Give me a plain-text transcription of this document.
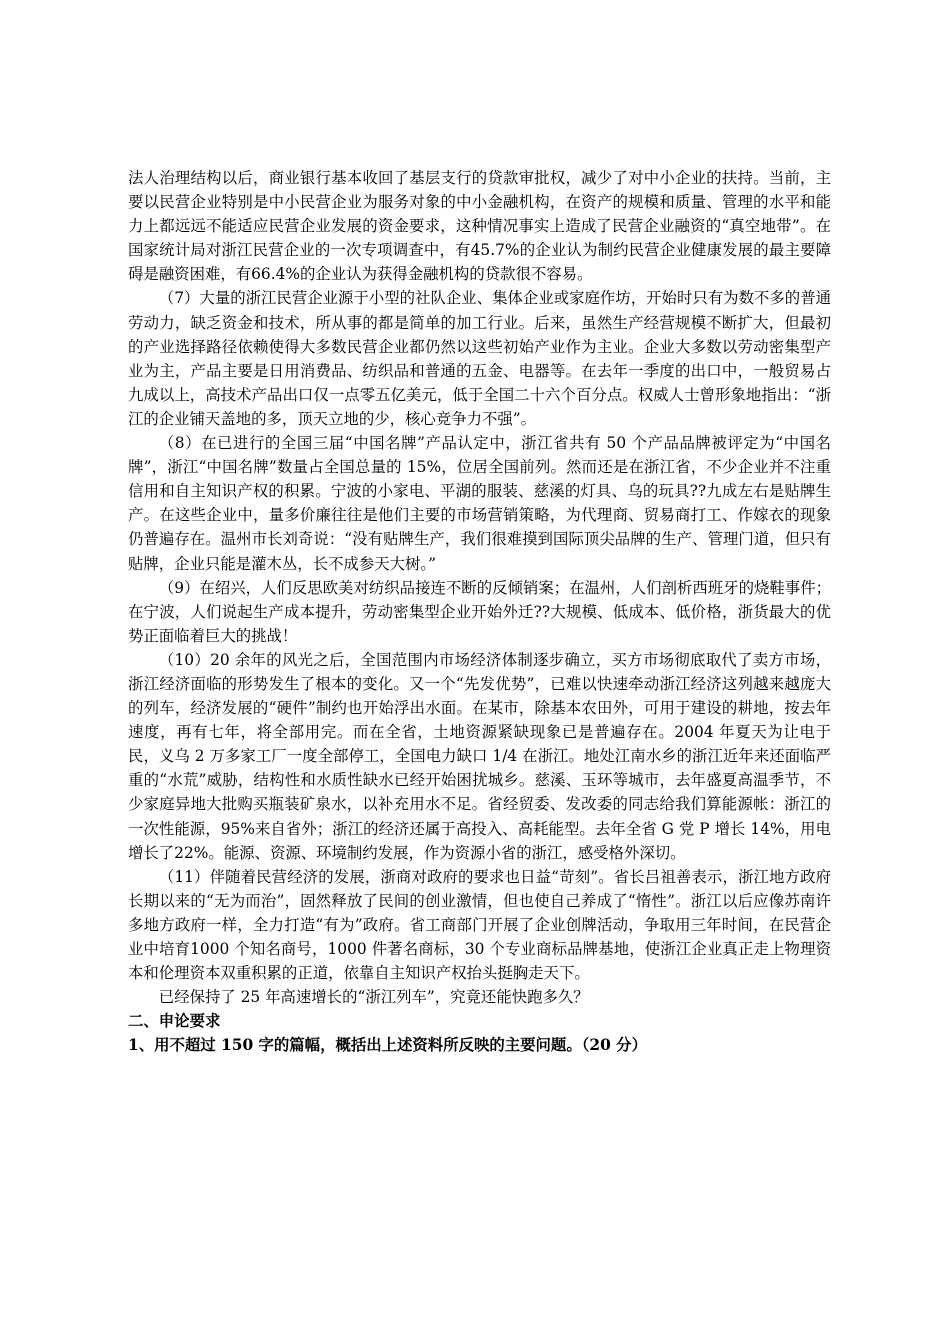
法人治理结构以后，商业银行基本收回了基层支行的贷款审批权，减少了对中小企业的扶持。当前，主要以民营企业特别是中小民营企业为服务对象的中小金融机构，在资产的规模和质量、管理的水平和能力上都远远不能适应民营企业发展的资金要求，这种情况事实上造成了民营企业融资的“真空地带”。在国家统计局对浙江民营企业的一次专项调查中，有45.7%的企业认为制约民营企业健康发展的最主要障碍是融资困难，有66.4%的企业认为获得金融机构的贷款很不容易。

（7）大量的浙江民营企业源于小型的社队企业、集体企业或家庭作坊，开始时只有为数不多的普通劳动力，缺乏资金和技术，所从事的都是简单的加工行业。后来，虽然生产经营规模不断扩大，但最初的产业选择路径依赖使得大多数民营企业都仍然以这些初始产业作为主业。企业大多数以劳动密集型产业为主，产品主要是日用消费品、纺织品和普通的五金、电器等。在去年一季度的出口中，一般贸易占九成以上，高技术产品出口仅一点零五亿美元，低于全国二十六个百分点。权威人士曾形象地指出：“浙江的企业铺天盖地的多，顶天立地的少，核心竞争力不强”。

（8）在已进行的全国三届“中国名牌”产品认定中，浙江省共有 50 个产品品牌被评定为“中国名牌”，浙江“中国名牌”数量占全国总量的 15%，位居全国前列。然而还是在浙江省，不少企业并不注重信用和自主知识产权的积累。宁波的小家电、平湖的服装、慈溪的灯具、乌的玩具??九成左右是贴牌生产。在这些企业中，量多价廉往往是他们主要的市场营销策略，为代理商、贸易商打工、作嫁衣的现象仍普遍存在。温州市长刘奇说：“没有贴牌生产，我们很难摸到国际顶尖品牌的生产、管理门道，但只有贴牌，企业只能是灌木丛，长不成参天大树。”

（9）在绍兴，人们反思欧美对纺织品接连不断的反倾销案；在温州，人们剖析西班牙的烧鞋事件；在宁波，人们说起生产成本提升，劳动密集型企业开始外迁??大规模、低成本、低价格，浙货最大的优势正面临着巨大的挑战！

（10）20 余年的风光之后，全国范围内市场经济体制逐步确立，买方市场彻底取代了卖方市场，浙江经济面临的形势发生了根本的变化。又一个“先发优势”，已难以快速牵动浙江经济这列越来越庞大的列车，经济发展的“硬件”制约也开始浮出水面。在某市，除基本农田外，可用于建设的耕地，按去年速度，再有七年，将全部用完。而在全省，土地资源紧缺现象已是普遍存在。2004 年夏天为让电于民，义乌 2 万多家工厂一度全部停工，全国电力缺口 1/4 在浙江。地处江南水乡的浙江近年来还面临严重的“水荒”威胁，结构性和水质性缺水已经开始困扰城乡。慈溪、玉环等城市，去年盛夏高温季节，不少家庭异地大批购买瓶装矿泉水，以补充用水不足。省经贸委、发改委的同志给我们算能源帐：浙江的一次性能源，95%来自省外；浙江的经济还属于高投入、高耗能型。去年全省 G 党 P 增长 14%，用电增长了22%。能源、资源、环境制约发展，作为资源小省的浙江，感受格外深切。

（11）伴随着民营经济的发展，浙商对政府的要求也日益“苛刻”。省长吕祖善表示，浙江地方政府长期以来的“无为而治”，固然释放了民间的创业激情，但也使自己养成了“惰性”。浙江以后应像苏南许多地方政府一样，全力打造“有为”政府。省工商部门开展了企业创牌活动，争取用三年时间，在民营企业中培育1000 个知名商号，1000 件著名商标，30 个专业商标品牌基地，使浙江企业真正走上物理资本和伦理资本双重积累的正道，依靠自主知识产权抬头挺胸走天下。

已经保持了 25 年高速增长的“浙江列车”，究竟还能快跑多久？

二、申论要求

1、用不超过 150 字的篇幅，概括出上述资料所反映的主要问题。（20 分）
